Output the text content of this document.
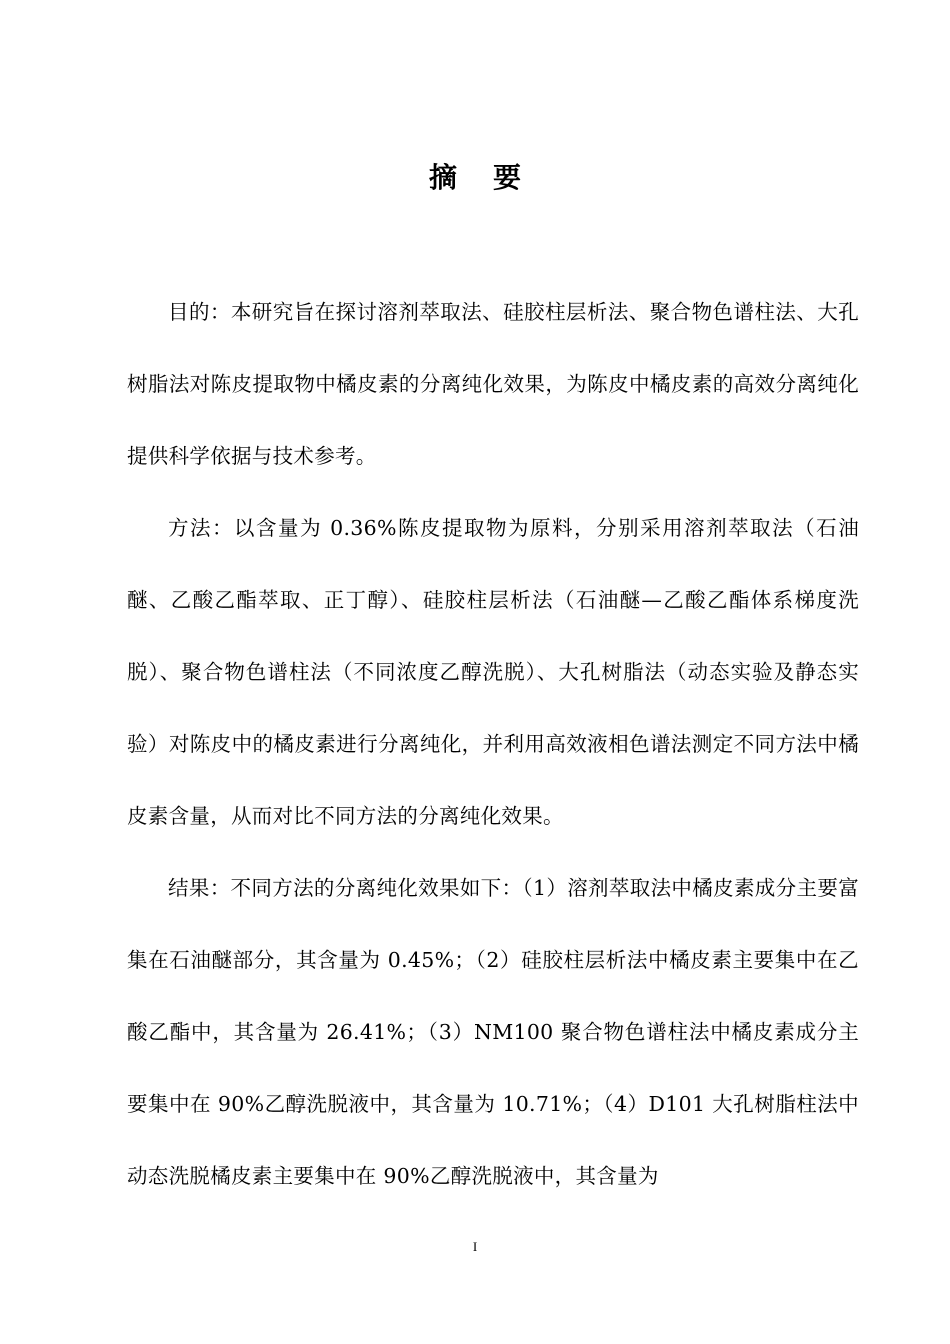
摘要

目的：本研究旨在探讨溶剂萃取法、硅胶柱层析法、聚合物色谱柱法、大孔树脂法对陈皮提取物中橘皮素的分离纯化效果，为陈皮中橘皮素的高效分离纯化提供科学依据与技术参考。

方法：以含量为 0.36%陈皮提取物为原料，分别采用溶剂萃取法（石油醚、乙酸乙酯萃取、正丁醇）、硅胶柱层析法（石油醚—乙酸乙酯体系梯度洗脱）、聚合物色谱柱法（不同浓度乙醇洗脱）、大孔树脂法（动态实验及静态实验）对陈皮中的橘皮素进行分离纯化，并利用高效液相色谱法测定不同方法中橘皮素含量，从而对比不同方法的分离纯化效果。

结果：不同方法的分离纯化效果如下：（1）溶剂萃取法中橘皮素成分主要富集在石油醚部分，其含量为 0.45%；（2）硅胶柱层析法中橘皮素主要集中在乙酸乙酯中，其含量为 26.41%；（3）NM100 聚合物色谱柱法中橘皮素成分主要集中在 90%乙醇洗脱液中，其含量为 10.71%；（4）D101 大孔树脂柱法中动态洗脱橘皮素主要集中在 90%乙醇洗脱液中，其含量为

I
